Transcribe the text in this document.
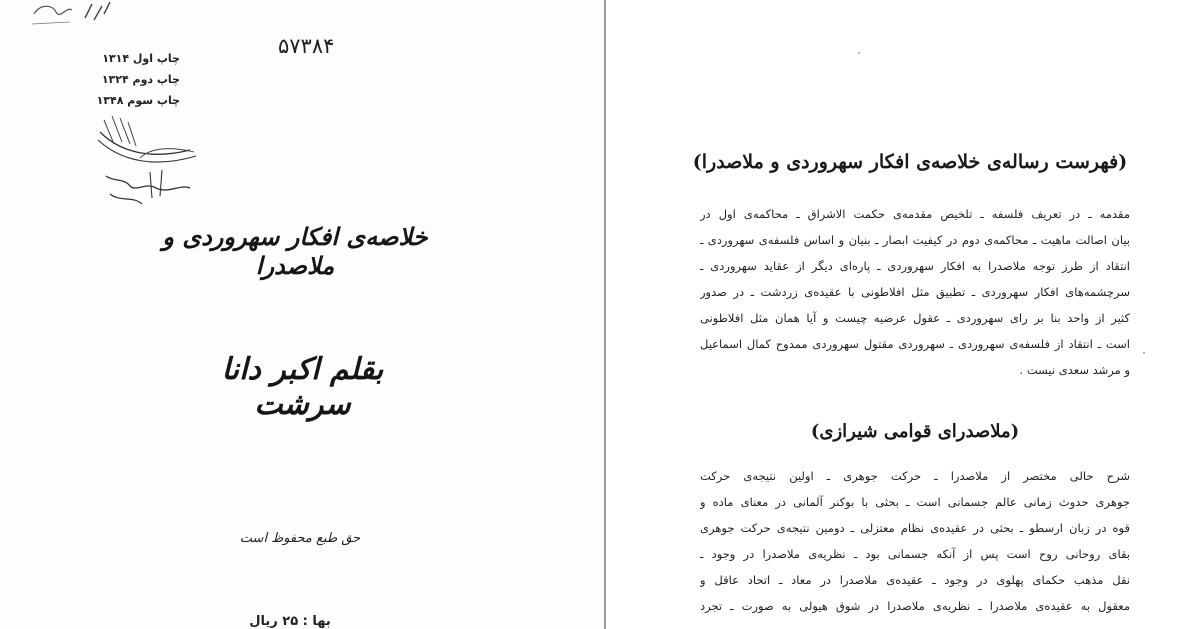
۵۷۳۸۴
چاپ اول ۱۳۱۴
چاپ دوم ۱۳۲۴
چاپ سوم ۱۳۴۸
خلاصه‌ی افکار سهروردی و ملاصدرا
بقلم اکبر دانا سرشت
حق طبع محفوظ است
بها : ۲۵ ریال
(فهرست رساله‌ی خلاصه‌ی افکار سهروردی و ملاصدرا)
مقدمه ـ در تعریف فلسفه ـ تلخیص مقدمه‌ی حکمت الاشراق ـ محاکمه‌ی اول در
بیان اصالت ماهیت ـ محاکمه‌ی دوم در کیفیت ابصار ـ بنیان و اساس فلسفه‌ی سهروردی ـ
انتقاد از طرز توجه ملاصدرا به افکار سهروردی ـ پاره‌ای دیگر از عقاید سهروردی ـ
سرچشمه‌های افکار سهروردی ـ تطبیق مثل افلاطونی با عقیده‌ی زردشت ـ در صدور
کثیر از واحد بنا بر رای سهروردی ـ عقول عرضیه چیست و آیا همان مثل افلاطونی
است ـ انتقاد از فلسفه‌ی سهروردی ـ سهروردی مقتول سهروردی ممدوح کمال اسماعیل
و مرشد سعدی نیست .
(ملاصدرای قوامی شیرازی)
شرح حالی مختصر از ملاصدرا ـ حرکت جوهری ـ اولین نتیجه‌ی حرکت
جوهری حدوث زمانی عالم جسمانی است ـ بحثی با بوکنر آلمانی در معنای ماده و
قوه در زبان ارسطو ـ بحثی در عقیده‌ی نظام معتزلی ـ دومین نتیجه‌ی حرکت جوهری
بقای روحانی روح است پس از آنکه جسمانی بود ـ نظریه‌ی ملاصدرا در وجود ـ
نقل مذهب حکمای پهلوی در وجود ـ عقیده‌ی ملاصدرا در معاد ـ اتحاد عاقل و
معقول به عقیده‌ی ملاصدرا ـ نظریه‌ی ملاصدرا در شوق هیولی به صورت ـ تجرد
